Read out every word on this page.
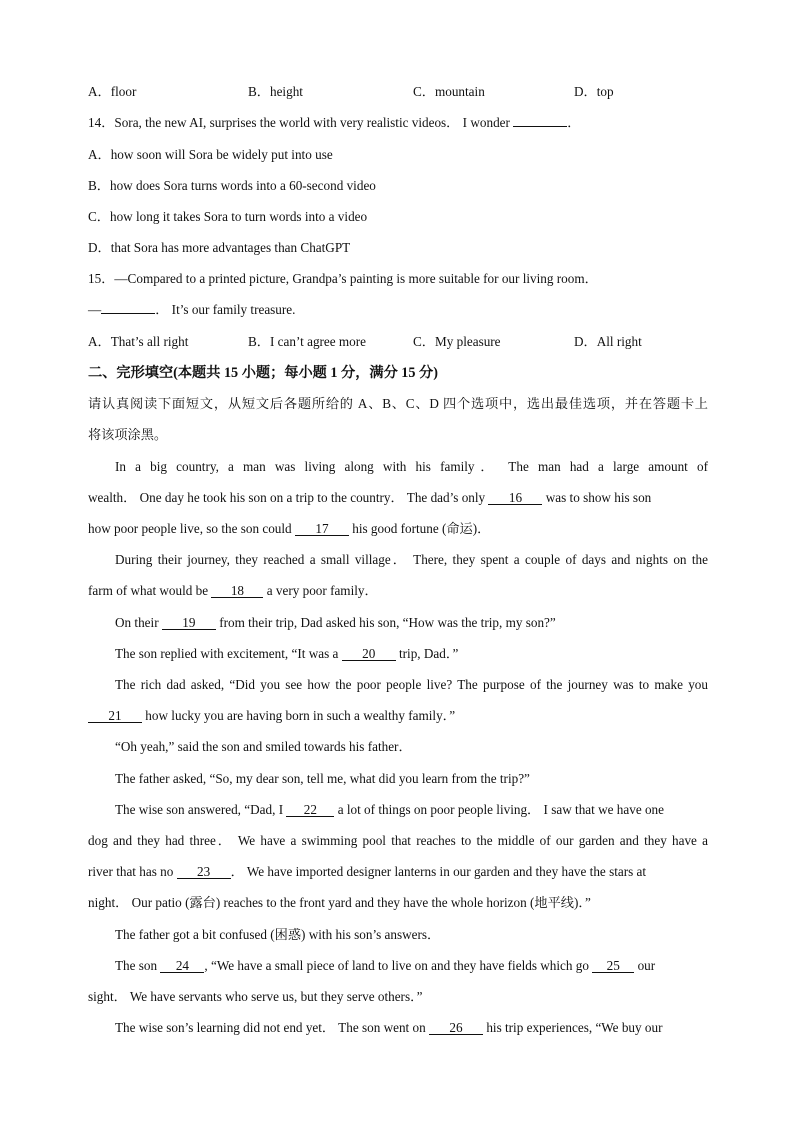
A．floor	B．height	C．mountain	D．top
14．Sora, the new AI, surprises the world with very realistic videos． I wonder	．
A．how soon will Sora be widely put into use
B．how does Sora turns words into a 60-second video
C．how long it takes Sora to turn words into a video
D．that Sora has more advantages than ChatGPT
15．—Compared to a printed picture, Grandpa’s painting is more suitable for our living room．
—	． It’s our family treasure.
A．That’s all right	B．I can’t agree more	C．My pleasure	D．All right
二、完形填空(本题共 15 小题；每小题 1 分，满分 15 分)
请认真阅读下面短文，从短文后各题所给的 A、B、C、D 四个选项中，选出最佳选项，并在答题卡上
将该项涂黑。
In a big country, a man was living along with his family． The man had a large amount of
wealth． One day he took his son on a trip to the country． The dad’s only 16 was to show his son
how poor people live, so the son could 17 his good fortune (命运)．
During their journey, they reached a small village． There, they spent a couple of days and nights on the
farm of what would be 18 a very poor family．
On their 19 from their trip, Dad asked his son, “How was the trip, my son?”
The son replied with excitement, “It was a 20 trip, Dad．”
The rich dad asked, “Did you see how the poor people live? The purpose of the journey was to make you
21 how lucky you are having born in such a wealthy family．”
“Oh yeah,” said the son and smiled towards his father．
The father asked, “So, my dear son, tell me, what did you learn from the trip?”
The wise son answered, “Dad, I 22 a lot of things on poor people living． I saw that we have one
dog and they had three． We have a swimming pool that reaches to the middle of our garden and they have a
river that has no 23 ． We have imported designer lanterns in our garden and they have the stars at
night． Our patio (露台) reaches to the front yard and they have the whole horizon (地平线)．”
The father got a bit confused (困惑) with his son’s answers．
The son 24 , “We have a small piece of land to live on and they have fields which go 25 our
sight． We have servants who serve us, but they serve others．”
The wise son’s learning did not end yet． The son went on 26 his trip experiences, “We buy our
